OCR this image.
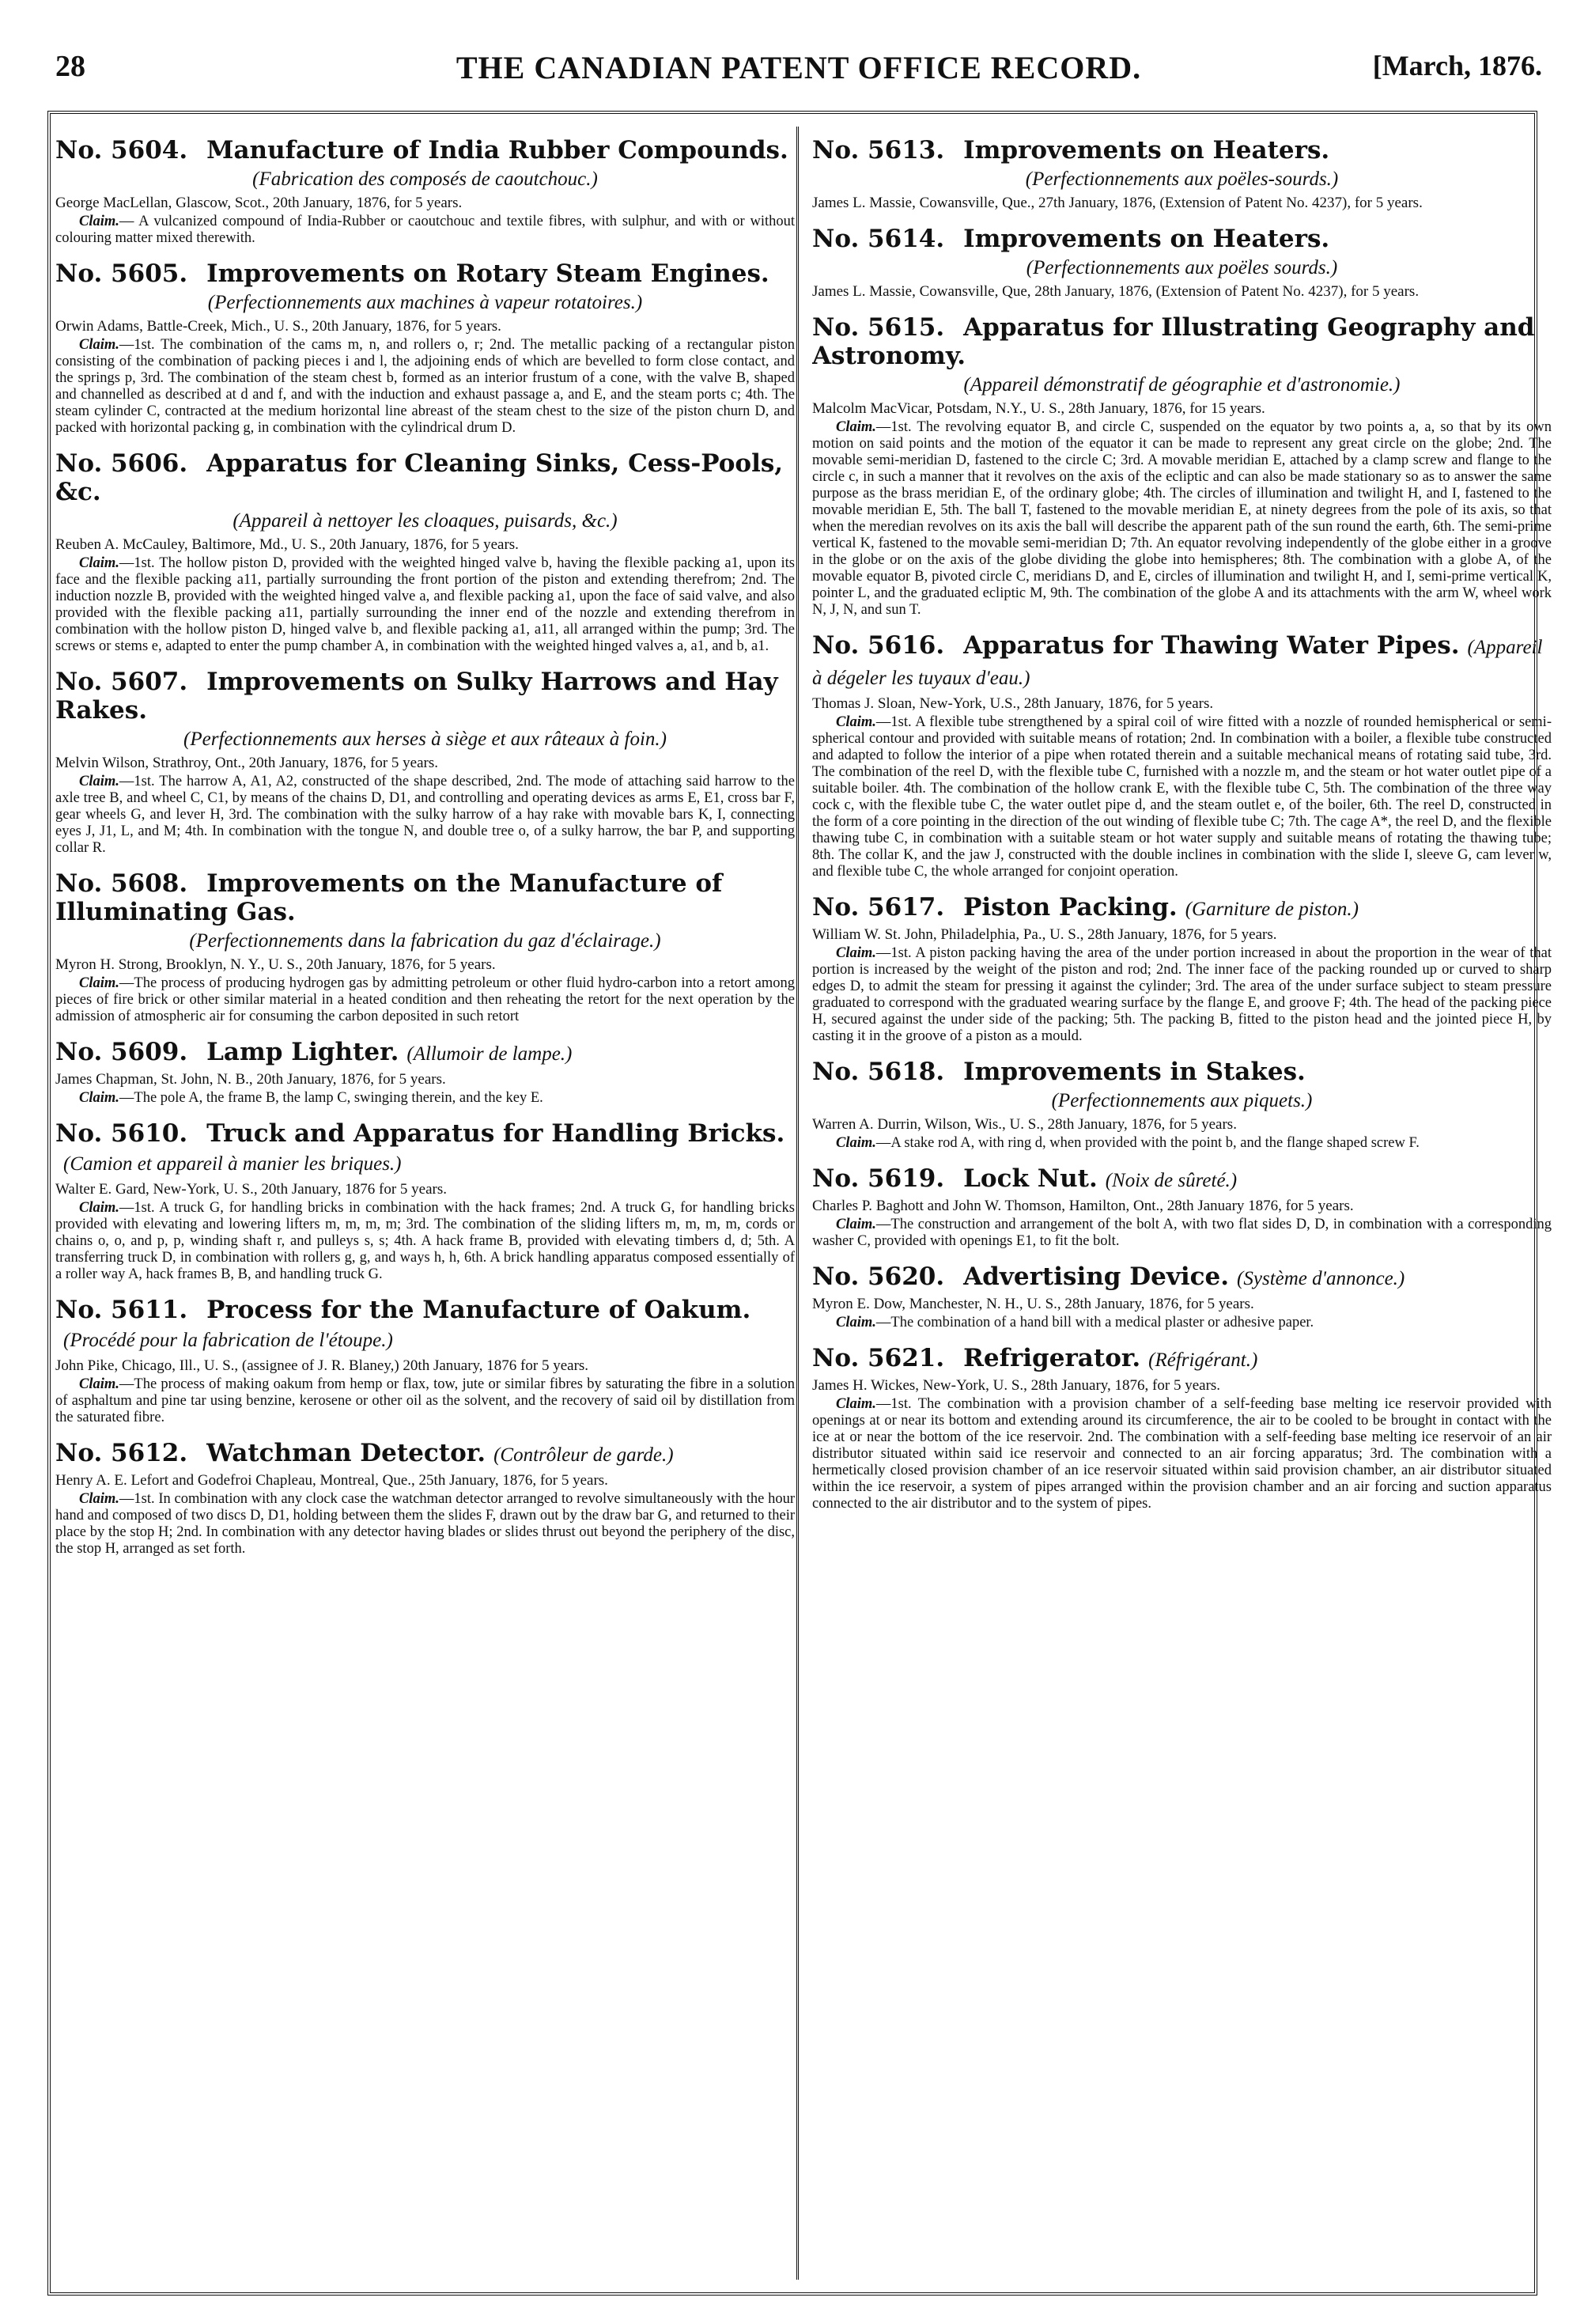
28	THE CANADIAN PATENT OFFICE RECORD.	[March, 1876.

No. 5604. Manufacture of India Rubber Compounds.

(Fabrication des composés de caoutchouc.)

George MacLellan, Glascow, Scot., 20th January, 1876, for 5 years.

Claim.— A vulcanized compound of India-Rubber or caoutchouc and textile fibres, with sulphur, and with or without colouring matter mixed therewith.

No. 5605. Improvements on Rotary Steam Engines.

(Perfectionnements aux machines à vapeur rotatoires.)

Orwin Adams, Battle-Creek, Mich., U. S., 20th January, 1876, for 5 years.

Claim.—1st. The combination of the cams m, n, and rollers o, r; 2nd. The metallic packing of a rectangular piston consisting of the combination of packing pieces i and l, the adjoining ends of which are bevelled to form close contact, and the springs p, 3rd. The combination of the steam chest b, formed as an interior frustum of a cone, with the valve B, shaped and channelled as described at d and f, and with the induction and exhaust passage a, and E, and the steam ports c; 4th. The steam cylinder C, contracted at the medium horizontal line abreast of the steam chest to the size of the piston churn D, and packed with horizontal packing g, in combination with the cylindrical drum D.

No. 5606. Apparatus for Cleaning Sinks, Cess-Pools, &c.

(Appareil à nettoyer les cloaques, puisards, &c.)

Reuben A. McCauley, Baltimore, Md., U. S., 20th January, 1876, for 5 years.

Claim.—1st. The hollow piston D, provided with the weighted hinged valve b, having the flexible packing a1, upon its face and the flexible packing a11, partially surrounding the front portion of the piston and extending therefrom; 2nd. The induction nozzle B, provided with the weighted hinged valve a, and flexible packing a1, upon the face of said valve, and also provided with the flexible packing a11, partially surrounding the inner end of the nozzle and extending therefrom in combination with the hollow piston D, hinged valve b, and flexible packing a1, a11, all arranged within the pump; 3rd. The screws or stems e, adapted to enter the pump chamber A, in combination with the weighted hinged valves a, a1, and b, a1.

No. 5607. Improvements on Sulky Harrows and Hay Rakes.

(Perfectionnements aux herses à siège et aux râteaux à foin.)

Melvin Wilson, Strathroy, Ont., 20th January, 1876, for 5 years.

Claim.—1st. The harrow A, A1, A2, constructed of the shape described, 2nd. The mode of attaching said harrow to the axle tree B, and wheel C, C1, by means of the chains D, D1, and controlling and operating devices as arms E, E1, cross bar F, gear wheels G, and lever H, 3rd. The combination with the sulky harrow of a hay rake with movable bars K, I, connecting eyes J, J1, L, and M; 4th. In combination with the tongue N, and double tree o, of a sulky harrow, the bar P, and supporting collar R.

No. 5608. Improvements on the Manufacture of Illuminating Gas.

(Perfectionnements dans la fabrication du gaz d'éclairage.)

Myron H. Strong, Brooklyn, N. Y., U. S., 20th January, 1876, for 5 years.

Claim.—The process of producing hydrogen gas by admitting petroleum or other fluid hydro-carbon into a retort among pieces of fire brick or other similar material in a heated condition and then reheating the retort for the next operation by the admission of atmospheric air for consuming the carbon deposited in such retort

No. 5609. Lamp Lighter. (Allumoir de lampe.)

James Chapman, St. John, N. B., 20th January, 1876, for 5 years.

Claim.—The pole A, the frame B, the lamp C, swinging therein, and the key E.

No. 5610. Truck and Apparatus for Handling Bricks.(Camion et appareil à manier les briques.)

Walter E. Gard, New-York, U. S., 20th January, 1876 for 5 years.

Claim.—1st. A truck G, for handling bricks in combination with the hack frames; 2nd. A truck G, for handling bricks provided with elevating and lowering lifters m, m, m, m; 3rd. The combination of the sliding lifters m, m, m, m, cords or chains o, o, and p, p, winding shaft r, and pulleys s, s; 4th. A hack frame B, provided with elevating timbers d, d; 5th. A transferring truck D, in combination with rollers g, g, and ways h, h, 6th. A brick handling apparatus composed essentially of a roller way A, hack frames B, B, and handling truck G.

No. 5611. Process for the Manufacture of Oakum.(Procédé pour la fabrication de l'étoupe.)

John Pike, Chicago, Ill., U. S., (assignee of J. R. Blaney,) 20th January, 1876 for 5 years.

Claim.—The process of making oakum from hemp or flax, tow, jute or similar fibres by saturating the fibre in a solution of asphaltum and pine tar using benzine, kerosene or other oil as the solvent, and the recovery of said oil by distillation from the saturated fibre.

No. 5612. Watchman Detector. (Contrôleur de garde.)

Henry A. E. Lefort and Godefroi Chapleau, Montreal, Que., 25th January, 1876, for 5 years.

Claim.—1st. In combination with any clock case the watchman detector arranged to revolve simultaneously with the hour hand and composed of two discs D, D1, holding between them the slides F, drawn out by the draw bar G, and returned to their place by the stop H; 2nd. In combination with any detector having blades or slides thrust out beyond the periphery of the disc, the stop H, arranged as set forth.

No. 5613. Improvements on Heaters.

(Perfectionnements aux poëles-sourds.)

James L. Massie, Cowansville, Que., 27th January, 1876, (Extension of Patent No. 4237), for 5 years.

No. 5614. Improvements on Heaters.

(Perfectionnements aux poëles sourds.)

James L. Massie, Cowansville, Que, 28th January, 1876, (Extension of Patent No. 4237), for 5 years.

No. 5615. Apparatus for Illustrating Geography and Astronomy.

(Appareil démonstratif de géographie et d'astronomie.)

Malcolm MacVicar, Potsdam, N.Y., U. S., 28th January, 1876, for 15 years.

Claim.—1st. The revolving equator B, and circle C, suspended on the equator by two points a, a, so that by its own motion on said points and the motion of the equator it can be made to represent any great circle on the globe; 2nd. The movable semi-meridian D, fastened to the circle C; 3rd. A movable meridian E, attached by a clamp screw and flange to the circle c, in such a manner that it revolves on the axis of the ecliptic and can also be made stationary so as to answer the same purpose as the brass meridian E, of the ordinary globe; 4th. The circles of illumination and twilight H, and I, fastened to the movable meridian E, 5th. The ball T, fastened to the movable meridian E, at ninety degrees from the pole of its axis, so that when the meredian revolves on its axis the ball will describe the apparent path of the sun round the earth, 6th. The semi-prime vertical K, fastened to the movable semi-meridian D; 7th. An equator revolving independently of the globe either in a groove in the globe or on the axis of the globe dividing the globe into hemispheres; 8th. The combination with a globe A, of the movable equator B, pivoted circle C, meridians D, and E, circles of illumination and twilight H, and I, semi-prime vertical K, pointer L, and the graduated ecliptic M, 9th. The combination of the globe A and its attachments with the arm W, wheel work N, J, N, and sun T.

No. 5616. Apparatus for Thawing Water Pipes. (Appareil à dégeler les tuyaux d'eau.)

Thomas J. Sloan, New-York, U.S., 28th January, 1876, for 5 years.

Claim.—1st. A flexible tube strengthened by a spiral coil of wire fitted with a nozzle of rounded hemispherical or semi-spherical contour and provided with suitable means of rotation; 2nd. In combination with a boiler, a flexible tube constructed and adapted to follow the interior of a pipe when rotated therein and a suitable mechanical means of rotating said tube, 3rd. The combination of the reel D, with the flexible tube C, furnished with a nozzle m, and the steam or hot water outlet pipe of a suitable boiler. 4th. The combination of the hollow crank E, with the flexible tube C, 5th. The combination of the three way cock c, with the flexible tube C, the water outlet pipe d, and the steam outlet e, of the boiler, 6th. The reel D, constructed in the form of a core pointing in the direction of the out winding of flexible tube C; 7th. The cage A*, the reel D, and the flexible thawing tube C, in combination with a suitable steam or hot water supply and suitable means of rotating the thawing tube; 8th. The collar K, and the jaw J, constructed with the double inclines in combination with the slide I, sleeve G, cam lever w, and flexible tube C, the whole arranged for conjoint operation.

No. 5617. Piston Packing. (Garniture de piston.)

William W. St. John, Philadelphia, Pa., U. S., 28th January, 1876, for 5 years.

Claim.—1st. A piston packing having the area of the under portion increased in about the proportion in the wear of that portion is increased by the weight of the piston and rod; 2nd. The inner face of the packing rounded up or curved to sharp edges D, to admit the steam for pressing it against the cylinder; 3rd. The area of the under surface subject to steam pressure graduated to correspond with the graduated wearing surface by the flange E, and groove F; 4th. The head of the packing piece H, secured against the under side of the packing; 5th. The packing B, fitted to the piston head and the jointed piece H, by casting it in the groove of a piston as a mould.

No. 5618. Improvements in Stakes.

(Perfectionnements aux piquets.)

Warren A. Durrin, Wilson, Wis., U. S., 28th January, 1876, for 5 years.

Claim.—A stake rod A, with ring d, when provided with the point b, and the flange shaped screw F.

No. 5619. Lock Nut. (Noix de sûreté.)

Charles P. Baghott and John W. Thomson, Hamilton, Ont., 28th January 1876, for 5 years.

Claim.—The construction and arrangement of the bolt A, with two flat sides D, D, in combination with a corresponding washer C, provided with openings E1, to fit the bolt.

No. 5620. Advertising Device. (Système d'annonce.)

Myron E. Dow, Manchester, N. H., U. S., 28th January, 1876, for 5 years.

Claim.—The combination of a hand bill with a medical plaster or adhesive paper.

No. 5621. Refrigerator. (Réfrigérant.)

James H. Wickes, New-York, U. S., 28th January, 1876, for 5 years.

Claim.—1st. The combination with a provision chamber of a self-feeding base melting ice reservoir provided with openings at or near its bottom and extending around its circumference, the air to be cooled to be brought in contact with the ice at or near the bottom of the ice reservoir. 2nd. The combination with a self-feeding base melting ice reservoir of an air distributor situated within said ice reservoir and connected to an air forcing apparatus; 3rd. The combination with a hermetically closed provision chamber of an ice reservoir situated within said provision chamber, an air distributor situated within the ice reservoir, a system of pipes arranged within the provision chamber and an air forcing and suction apparatus connected to the air distributor and to the system of pipes.
